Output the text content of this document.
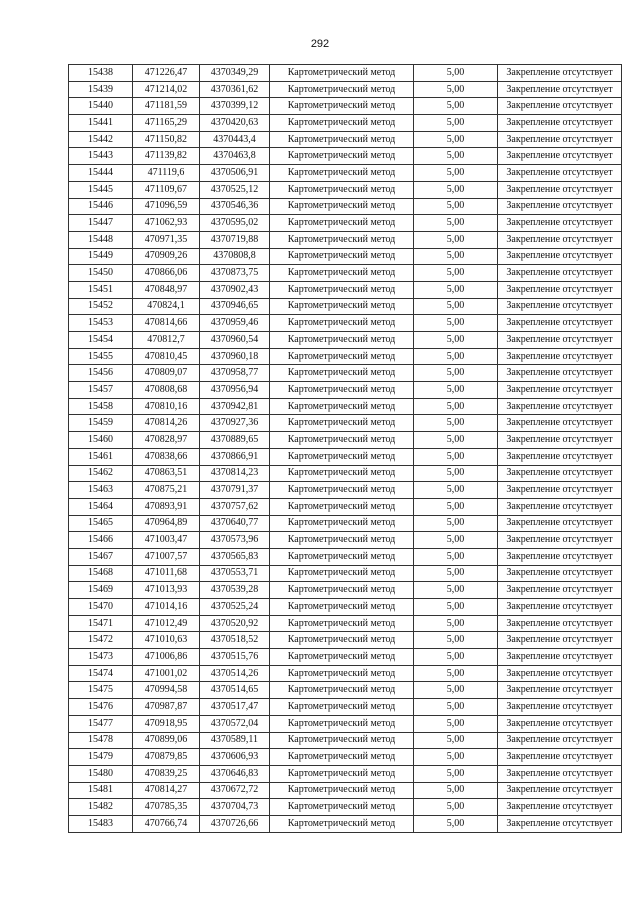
292
15438	471226,47	4370349,29	Картометрический метод	5,00	Закрепление отсутствует
15439	471214,02	4370361,62	Картометрический метод	5,00	Закрепление отсутствует
15440	471181,59	4370399,12	Картометрический метод	5,00	Закрепление отсутствует
15441	471165,29	4370420,63	Картометрический метод	5,00	Закрепление отсутствует
15442	471150,82	4370443,4	Картометрический метод	5,00	Закрепление отсутствует
15443	471139,82	4370463,8	Картометрический метод	5,00	Закрепление отсутствует
15444	471119,6	4370506,91	Картометрический метод	5,00	Закрепление отсутствует
15445	471109,67	4370525,12	Картометрический метод	5,00	Закрепление отсутствует
15446	471096,59	4370546,36	Картометрический метод	5,00	Закрепление отсутствует
15447	471062,93	4370595,02	Картометрический метод	5,00	Закрепление отсутствует
15448	470971,35	4370719,88	Картометрический метод	5,00	Закрепление отсутствует
15449	470909,26	4370808,8	Картометрический метод	5,00	Закрепление отсутствует
15450	470866,06	4370873,75	Картометрический метод	5,00	Закрепление отсутствует
15451	470848,97	4370902,43	Картометрический метод	5,00	Закрепление отсутствует
15452	470824,1	4370946,65	Картометрический метод	5,00	Закрепление отсутствует
15453	470814,66	4370959,46	Картометрический метод	5,00	Закрепление отсутствует
15454	470812,7	4370960,54	Картометрический метод	5,00	Закрепление отсутствует
15455	470810,45	4370960,18	Картометрический метод	5,00	Закрепление отсутствует
15456	470809,07	4370958,77	Картометрический метод	5,00	Закрепление отсутствует
15457	470808,68	4370956,94	Картометрический метод	5,00	Закрепление отсутствует
15458	470810,16	4370942,81	Картометрический метод	5,00	Закрепление отсутствует
15459	470814,26	4370927,36	Картометрический метод	5,00	Закрепление отсутствует
15460	470828,97	4370889,65	Картометрический метод	5,00	Закрепление отсутствует
15461	470838,66	4370866,91	Картометрический метод	5,00	Закрепление отсутствует
15462	470863,51	4370814,23	Картометрический метод	5,00	Закрепление отсутствует
15463	470875,21	4370791,37	Картометрический метод	5,00	Закрепление отсутствует
15464	470893,91	4370757,62	Картометрический метод	5,00	Закрепление отсутствует
15465	470964,89	4370640,77	Картометрический метод	5,00	Закрепление отсутствует
15466	471003,47	4370573,96	Картометрический метод	5,00	Закрепление отсутствует
15467	471007,57	4370565,83	Картометрический метод	5,00	Закрепление отсутствует
15468	471011,68	4370553,71	Картометрический метод	5,00	Закрепление отсутствует
15469	471013,93	4370539,28	Картометрический метод	5,00	Закрепление отсутствует
15470	471014,16	4370525,24	Картометрический метод	5,00	Закрепление отсутствует
15471	471012,49	4370520,92	Картометрический метод	5,00	Закрепление отсутствует
15472	471010,63	4370518,52	Картометрический метод	5,00	Закрепление отсутствует
15473	471006,86	4370515,76	Картометрический метод	5,00	Закрепление отсутствует
15474	471001,02	4370514,26	Картометрический метод	5,00	Закрепление отсутствует
15475	470994,58	4370514,65	Картометрический метод	5,00	Закрепление отсутствует
15476	470987,87	4370517,47	Картометрический метод	5,00	Закрепление отсутствует
15477	470918,95	4370572,04	Картометрический метод	5,00	Закрепление отсутствует
15478	470899,06	4370589,11	Картометрический метод	5,00	Закрепление отсутствует
15479	470879,85	4370606,93	Картометрический метод	5,00	Закрепление отсутствует
15480	470839,25	4370646,83	Картометрический метод	5,00	Закрепление отсутствует
15481	470814,27	4370672,72	Картометрический метод	5,00	Закрепление отсутствует
15482	470785,35	4370704,73	Картометрический метод	5,00	Закрепление отсутствует
15483	470766,74	4370726,66	Картометрический метод	5,00	Закрепление отсутствует
